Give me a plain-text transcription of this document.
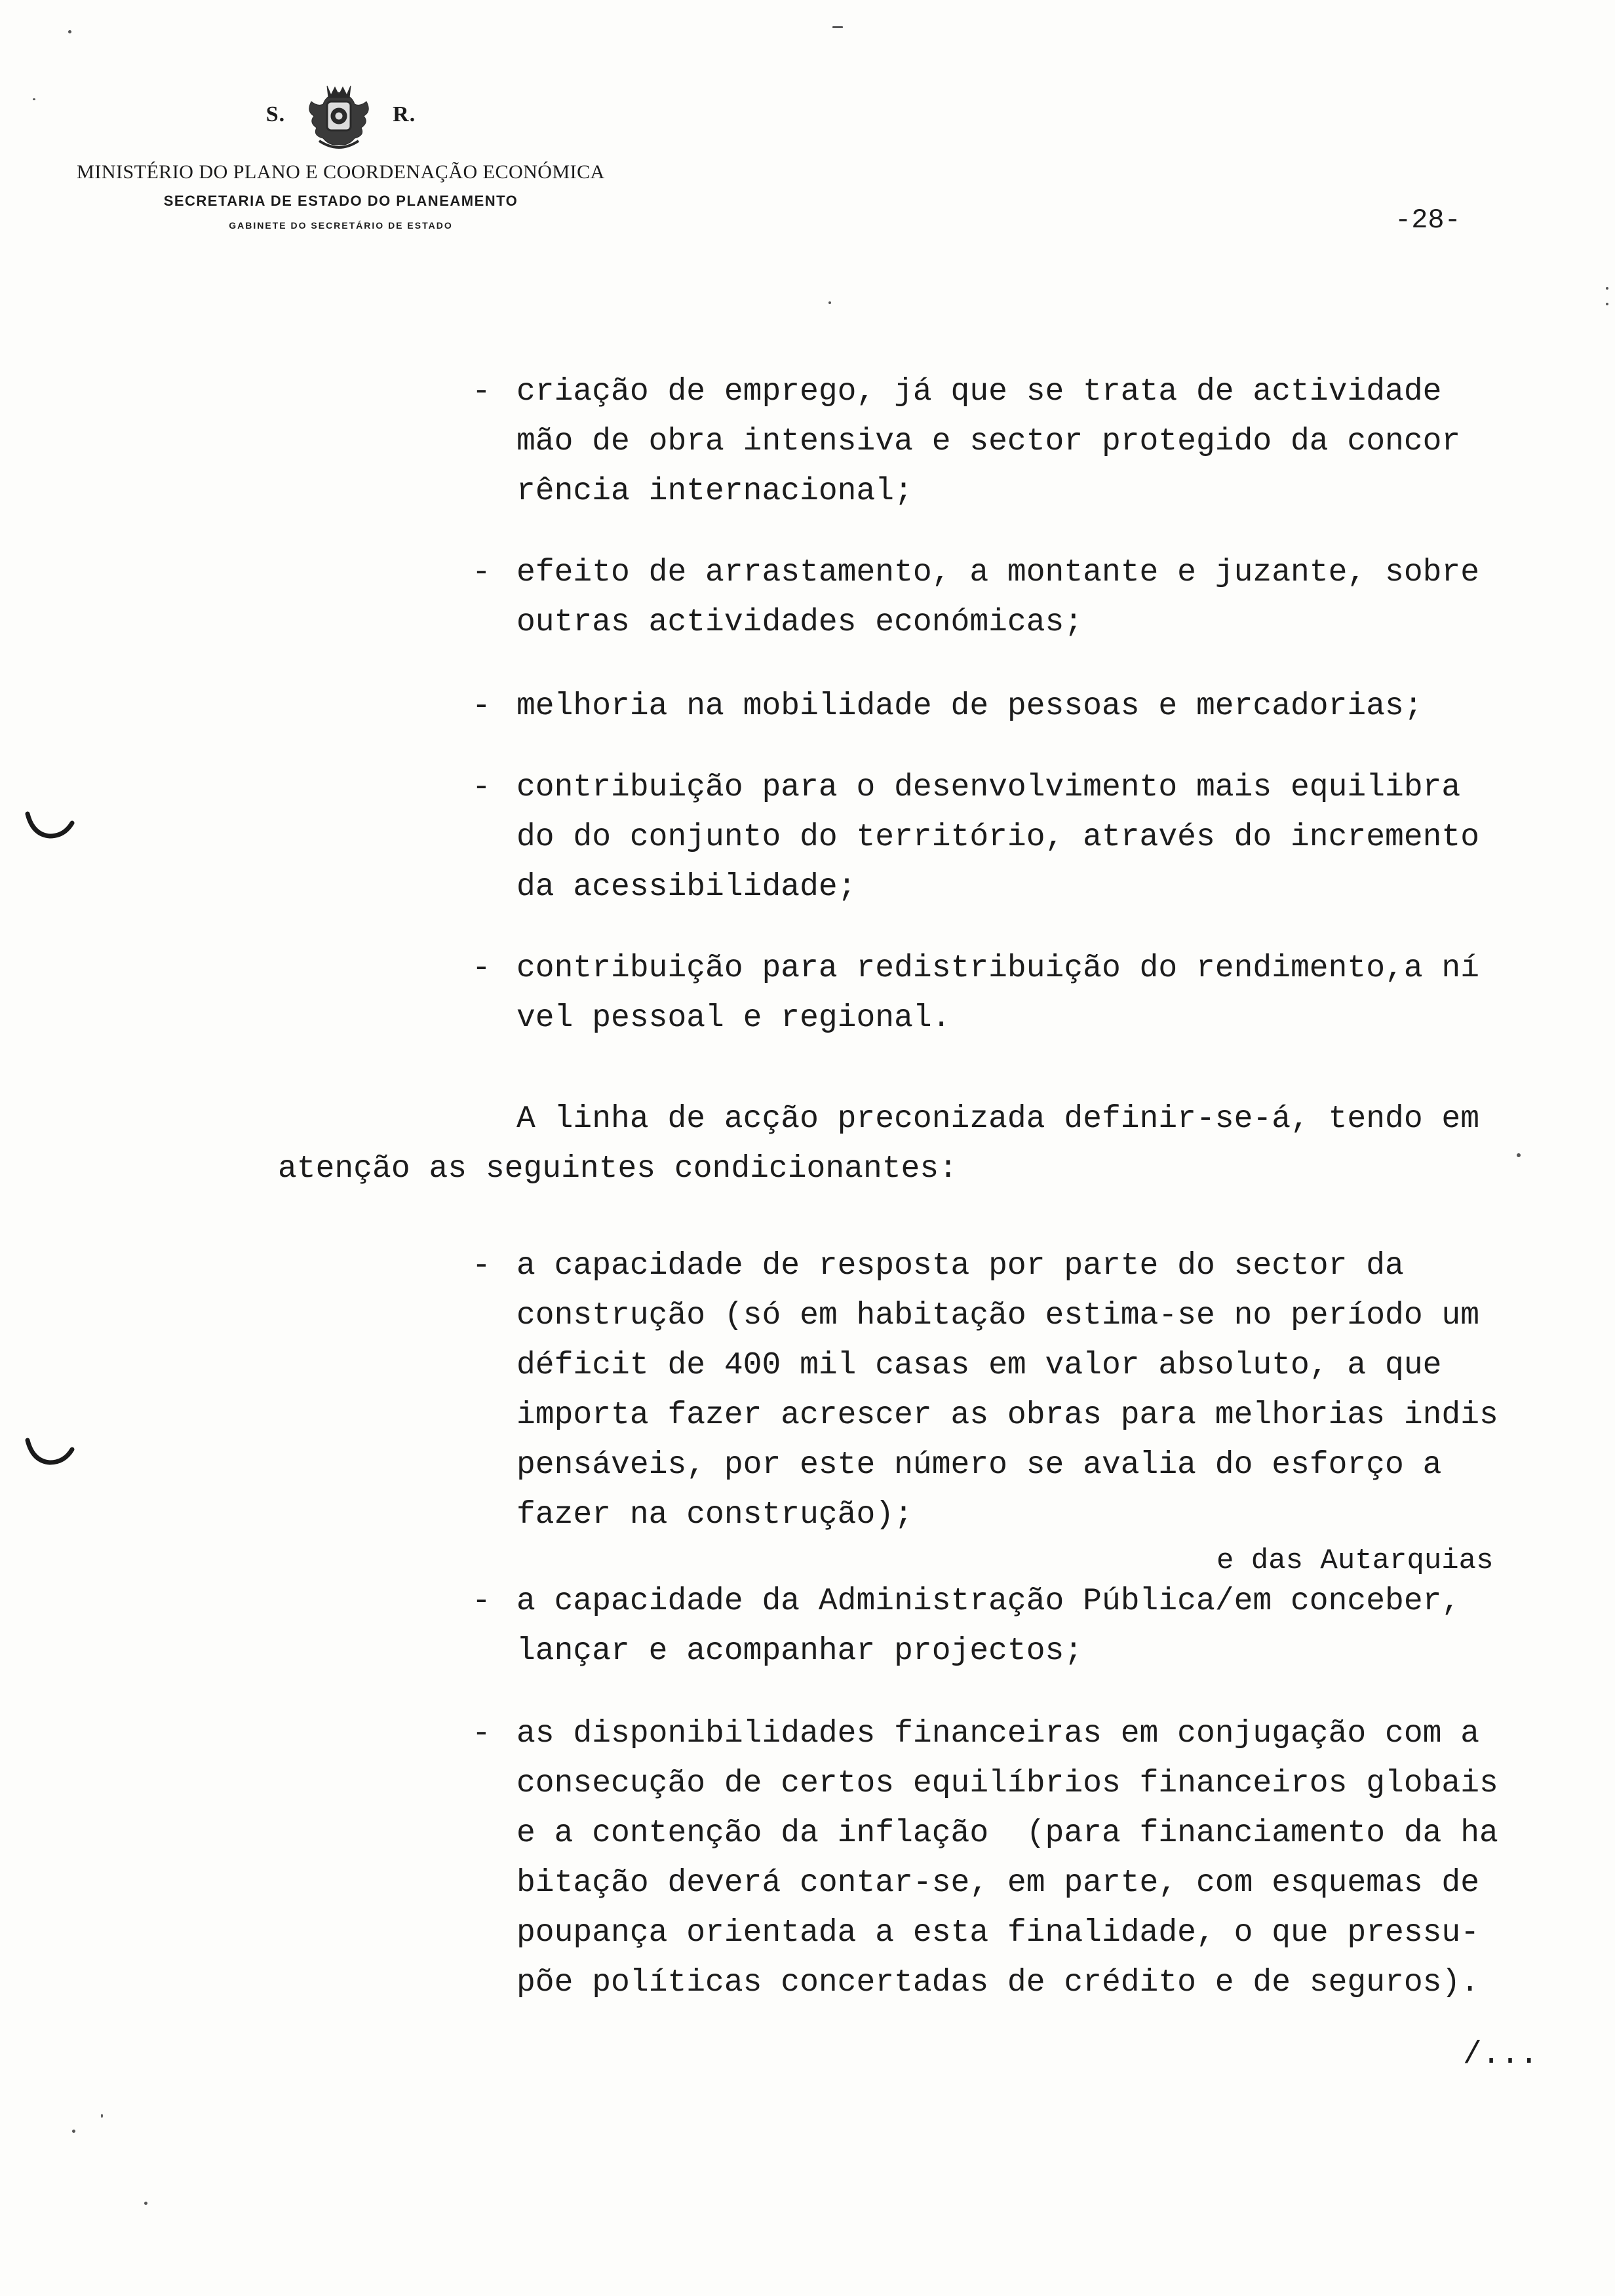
S.	R.
MINISTÉRIO DO PLANO E COORDENAÇÃO ECONÓMICA
SECRETARIA DE ESTADO DO PLANEAMENTO
GABINETE DO SECRETÁRIO DE ESTADO	-28-
- criação de emprego, já que se trata de actividade
mão de obra intensiva e sector protegido da concor
rência internacional;
- efeito de arrastamento, a montante e juzante, sobre
outras actividades económicas;
- melhoria na mobilidade de pessoas e mercadorias;
- contribuição para o desenvolvimento mais equilibra
do do conjunto do território, através do incremento
da acessibilidade;
- contribuição para redistribuição do rendimento,a ní
vel pessoal e regional.
A linha de acção preconizada definir-se-á, tendo em
atenção as seguintes condicionantes:
- a capacidade de resposta por parte do sector da
construção (só em habitação estima-se no período um
déficit de 400 mil casas em valor absoluto, a que
importa fazer acrescer as obras para melhorias indis
pensáveis, por este número se avalia do esforço a
fazer na construção);
e das Autarquias
- a capacidade da Administração Pública/em conceber,
lançar e acompanhar projectos;
- as disponibilidades financeiras em conjugação com a
consecução de certos equilíbrios financeiros globais
e a contenção da inflação  (para financiamento da ha
bitação deverá contar-se, em parte, com esquemas de
poupança orientada a esta finalidade, o que pressu-
põe políticas concertadas de crédito e de seguros).
/...
